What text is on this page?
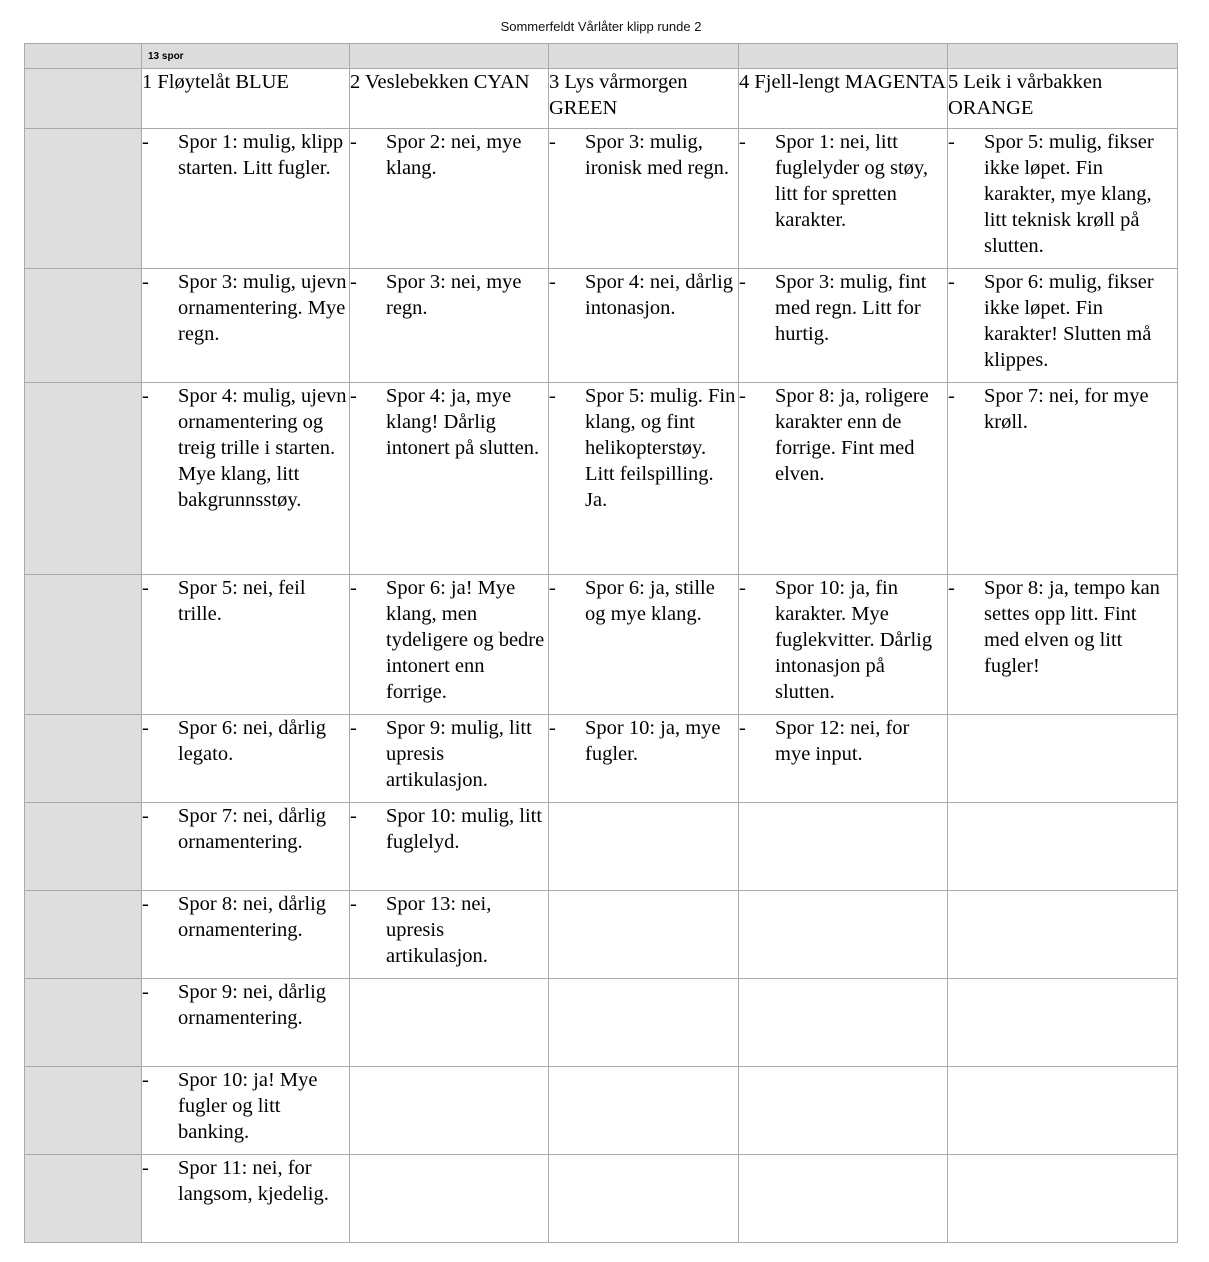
Sommerfeldt Vårlåter klipp runde 2
	13 spor				
	1 Fløytelåt BLUE	2 Veslebekken CYAN	3 Lys vårmorgen GREEN	4 Fjell-lengt MAGENTA	5 Leik i vårbakken ORANGE

	- Spor 1: mulig, klipp starten. Litt fugler.	- Spor 2: nei, mye klang.	- Spor 3: mulig, ironisk med regn.	- Spor 1: nei, litt fuglelyder og støy, litt for spretten karakter.	- Spor 5: mulig, fikser ikke løpet. Fin karakter, mye klang, litt teknisk krøll på slutten.

	- Spor 3: mulig, ujevn ornamentering. Mye regn.	- Spor 3: nei, mye regn.	- Spor 4: nei, dårlig intonasjon.	- Spor 3: mulig, fint med regn. Litt for hurtig.	- Spor 6: mulig, fikser ikke løpet. Fin karakter! Slutten må klippes.

	- Spor 4: mulig, ujevn ornamentering og treig trille i starten. Mye klang, litt bakgrunnsstøy.	- Spor 4: ja, mye klang! Dårlig intonert på slutten.	- Spor 5: mulig. Fin klang, og fint helikopterstøy. Litt feilspilling. Ja.	- Spor 8: ja, roligere karakter enn de forrige. Fint med elven.	- Spor 7: nei, for mye krøll.

	- Spor 5: nei, feil trille.	- Spor 6: ja! Mye klang, men tydeligere og bedre intonert enn forrige.	- Spor 6: ja, stille og mye klang.	- Spor 10: ja, fin karakter. Mye fuglekvitter. Dårlig intonasjon på slutten.	- Spor 8: ja, tempo kan settes opp litt. Fint med elven og litt fugler!

	- Spor 6: nei, dårlig legato.	- Spor 9: mulig, litt upresis artikulasjon.	- Spor 10: ja, mye fugler.	- Spor 12: nei, for mye input.	

	- Spor 7: nei, dårlig ornamentering.	- Spor 10: mulig, litt fuglelyd.			

	- Spor 8: nei, dårlig ornamentering.	- Spor 13: nei, upresis artikulasjon.			

	- Spor 9: nei, dårlig ornamentering.				

	- Spor 10: ja! Mye fugler og litt banking.				

	- Spor 11: nei, for langsom, kjedelig.				
